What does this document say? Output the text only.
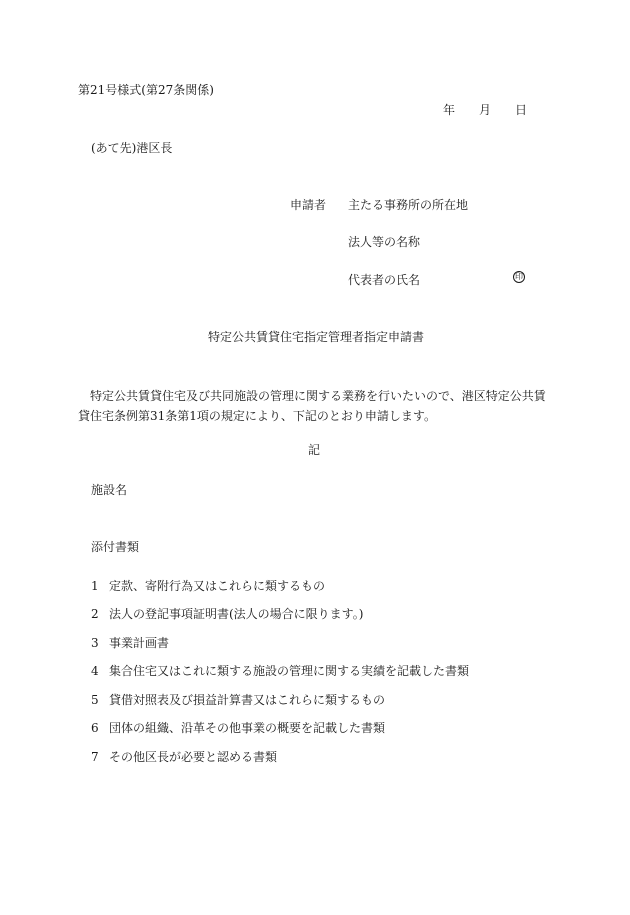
第21号様式(第27条関係)
年 月 日
(あて先)港区長
申請者 主たる事務所の所在地
法人等の名称
代表者の氏名	印
特定公共賃貸住宅指定管理者指定申請書
特定公共賃貸住宅及び共同施設の管理に関する業務を行いたいので、港区特定公共賃貸住宅条例第31条第1項の規定により、下記のとおり申請します。
記
施設名
添付書類
1 定款、寄附行為又はこれらに類するもの
2 法人の登記事項証明書(法人の場合に限ります。)
3 事業計画書
4 集合住宅又はこれに類する施設の管理に関する実績を記載した書類
5 貸借対照表及び損益計算書又はこれらに類するもの
6 団体の組織、沿革その他事業の概要を記載した書類
7 その他区長が必要と認める書類
